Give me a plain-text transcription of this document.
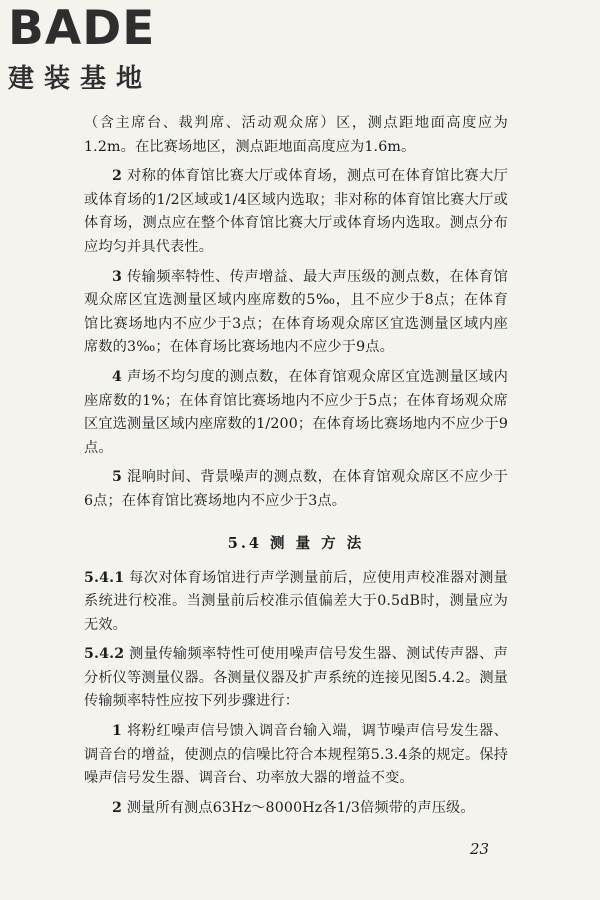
BADE
建装基地

（含主席台、裁判席、活动观众席）区，测点距地面高度应为1.2m。在比赛场地区，测点距地面高度应为1.6m。

2 对称的体育馆比赛大厅或体育场，测点可在体育馆比赛大厅或体育场的1/2区域或1/4区域内选取；非对称的体育馆比赛大厅或体育场，测点应在整个体育馆比赛大厅或体育场内选取。测点分布应均匀并具代表性。

3 传输频率特性、传声增益、最大声压级的测点数，在体育馆观众席区宜选测量区域内座席数的5‰，且不应少于8点；在体育馆比赛场地内不应少于3点；在体育场观众席区宜选测量区域内座席数的3‰；在体育场比赛场地内不应少于9点。

4 声场不均匀度的测点数，在体育馆观众席区宜选测量区域内座席数的1%；在体育馆比赛场地内不应少于5点；在体育场观众席区宜选测量区域内座席数的1/200；在体育场比赛场地内不应少于9点。

5 混响时间、背景噪声的测点数，在体育馆观众席区不应少于6点；在体育馆比赛场地内不应少于3点。

5.4 测 量 方 法

5.4.1 每次对体育场馆进行声学测量前后，应使用声校准器对测量系统进行校准。当测量前后校准示值偏差大于0.5dB时，测量应为无效。

5.4.2 测量传输频率特性可使用噪声信号发生器、测试传声器、声分析仪等测量仪器。各测量仪器及扩声系统的连接见图5.4.2。测量传输频率特性应按下列步骤进行：

1 将粉红噪声信号馈入调音台输入端，调节噪声信号发生器、调音台的增益，使测点的信噪比符合本规程第5.3.4条的规定。保持噪声信号发生器、调音台、功率放大器的增益不变。

2 测量所有测点63Hz～8000Hz各1/3倍频带的声压级。

23
